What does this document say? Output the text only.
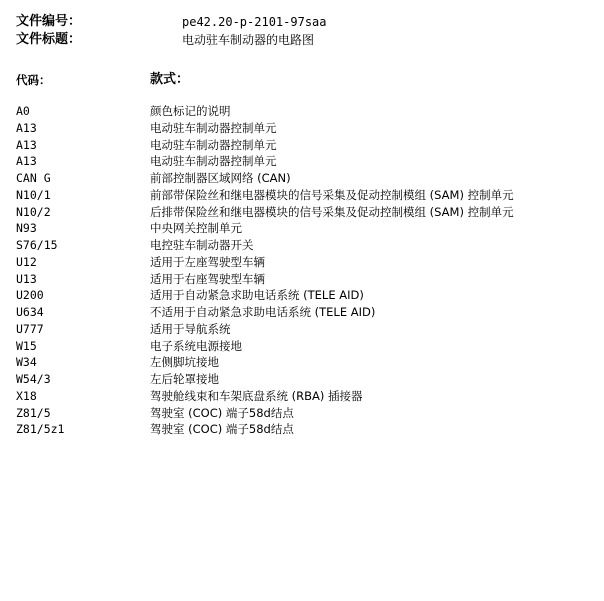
文件编号：	pe42.20-p-2101-97saa
文件标题：	电动驻车制动器的电路图
代码：	款式：
A0	颜色标记的说明
A13	电动驻车制动器控制单元
A13	电动驻车制动器控制单元
A13	电动驻车制动器控制单元
CAN G	前部控制器区域网络 (CAN)
N10/1	前部带保险丝和继电器模块的信号采集及促动控制模组 (SAM) 控制单元
N10/2	后排带保险丝和继电器模块的信号采集及促动控制模组 (SAM) 控制单元
N93	中央网关控制单元
S76/15	电控驻车制动器开关
U12	适用于左座驾驶型车辆
U13	适用于右座驾驶型车辆
U200	适用于自动紧急求助电话系统 (TELE AID)
U634	不适用于自动紧急求助电话系统 (TELE AID)
U777	适用于导航系统
W15	电子系统电源接地
W34	左侧脚坑接地
W54/3	左后轮罩接地
X18	驾驶舱线束和车架底盘系统 (RBA) 插接器
Z81/5	驾驶室 (COC) 端子58d结点
Z81/5z1	驾驶室 (COC) 端子58d结点
